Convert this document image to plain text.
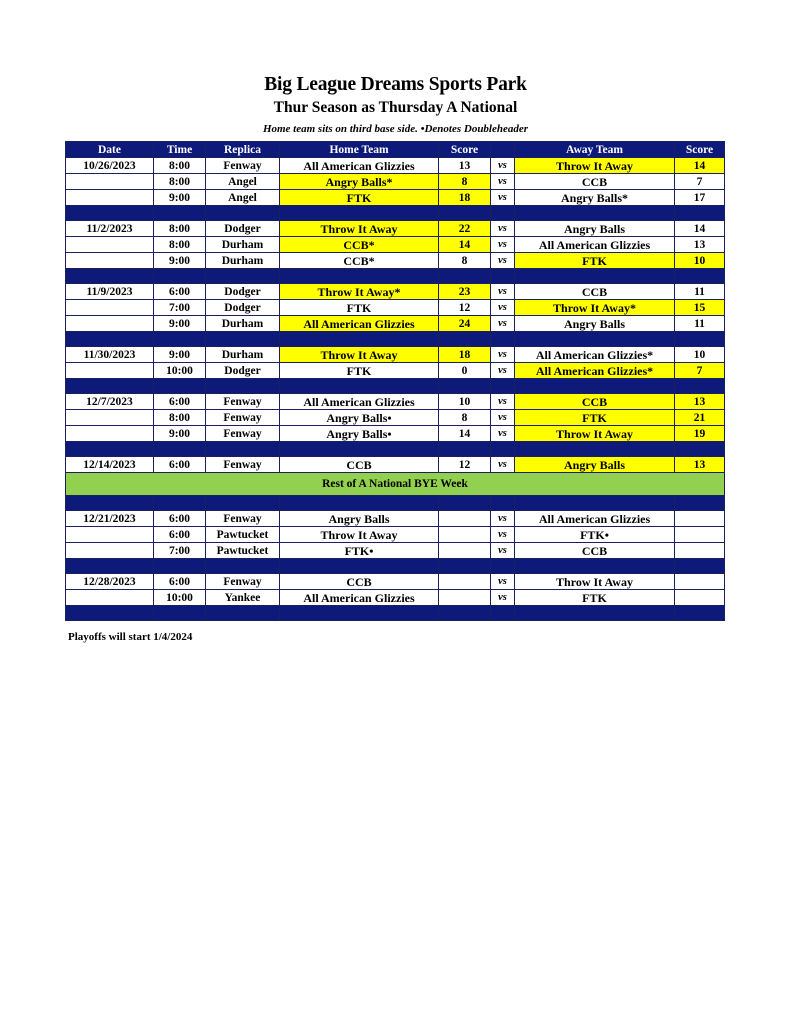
Big League Dreams Sports Park
Thur Season as Thursday A National
Home team sits on third base side. •Denotes Doubleheader
Date	Time	Replica	Home Team	Score		Away Team	Score
10/26/2023	8:00	Fenway	All American Glizzies	13	vs	Throw It Away	14
	8:00	Angel	Angry Balls*	8	vs	CCB	7
	9:00	Angel	FTK	18	vs	Angry Balls*	17

11/2/2023	8:00	Dodger	Throw It Away	22	vs	Angry Balls	14
	8:00	Durham	CCB*	14	vs	All American Glizzies	13
	9:00	Durham	CCB*	8	vs	FTK	10

11/9/2023	6:00	Dodger	Throw It Away*	23	vs	CCB	11
	7:00	Dodger	FTK	12	vs	Throw It Away*	15
	9:00	Durham	All American Glizzies	24	vs	Angry Balls	11

11/30/2023	9:00	Durham	Throw It Away	18	vs	All American Glizzies*	10
	10:00	Dodger	FTK	0	vs	All American Glizzies*	7

12/7/2023	6:00	Fenway	All American Glizzies	10	vs	CCB	13
	8:00	Fenway	Angry Balls•	8	vs	FTK	21
	9:00	Fenway	Angry Balls•	14	vs	Throw It Away	19

12/14/2023	6:00	Fenway	CCB	12	vs	Angry Balls	13
Rest of A National BYE Week							

12/21/2023	6:00	Fenway	Angry Balls		vs	All American Glizzies	
	6:00	Pawtucket	Throw It Away		vs	FTK•	
	7:00	Pawtucket	FTK•		vs	CCB	

12/28/2023	6:00	Fenway	CCB		vs	Throw It Away	
	10:00	Yankee	All American Glizzies		vs	FTK	

Playoffs will start 1/4/2024
